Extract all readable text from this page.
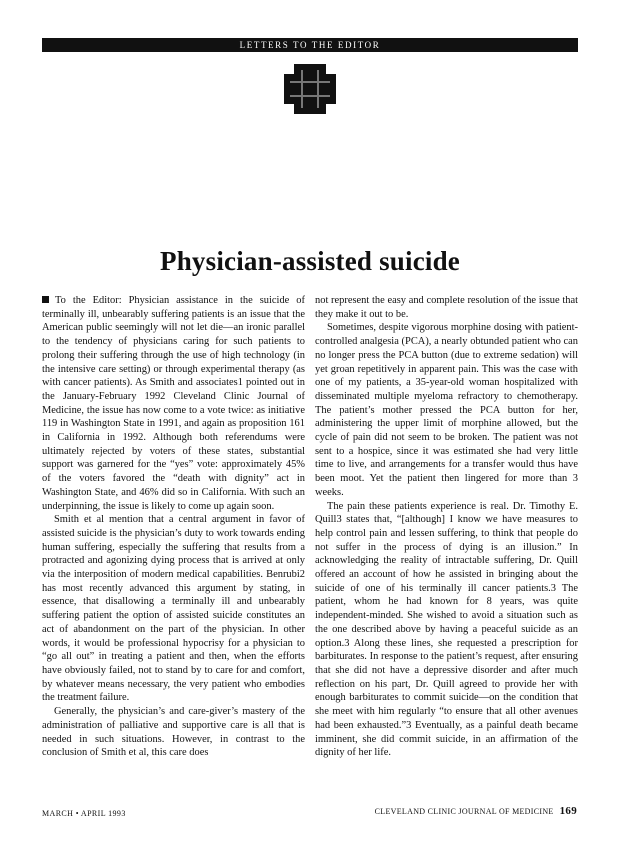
LETTERS TO THE EDITOR
Physician-assisted suicide

To the Editor: Physician assistance in the suicide of terminally ill, unbearably suffering patients is an issue that the American public seemingly will not let die—an ironic parallel to the tendency of physicians caring for such patients to prolong their suffering through the use of high technology (in the intensive care setting) or through experimental therapy (as with cancer patients). As Smith and associates1 pointed out in the January-February 1992 Cleveland Clinic Journal of Medicine, the issue has now come to a vote twice: as initiative 119 in Washington State in 1991, and again as proposition 161 in California in 1992. Although both referendums were ultimately rejected by voters of these states, substantial support was garnered for the “yes” vote: approximately 45% of the voters favored the “death with dignity” act in Washington State, and 46% did so in California. With such an underpinning, the issue is likely to come up again soon.

Smith et al mention that a central argument in favor of assisted suicide is the physician’s duty to work towards ending human suffering, especially the suffering that results from a protracted and agonizing dying process that is arrived at only via the interposition of modern medical capabilities. Benrubi2 has most recently advanced this argument by stating, in essence, that disallowing a terminally ill and unbearably suffering patient the option of assisted suicide constitutes an act of abandonment on the part of the physician. In other words, it would be professional hypocrisy for a physician to “go all out” in treating a patient and then, when the efforts have obviously failed, not to stand by to care for and comfort, by whatever means necessary, the very patient who embodies the treatment failure.

Generally, the physician’s and care-giver’s mastery of the administration of palliative and supportive care is all that is needed in such situations. However, in contrast to the conclusion of Smith et al, this care does

not represent the easy and complete resolution of the issue that they make it out to be.

Sometimes, despite vigorous morphine dosing with patient-controlled analgesia (PCA), a nearly obtunded patient who can no longer press the PCA button (due to extreme sedation) will yet groan repetitively in apparent pain. This was the case with one of my patients, a 35-year-old woman hospitalized with disseminated multiple myeloma refractory to chemotherapy. The patient’s mother pressed the PCA button for her, administering the upper limit of morphine allowed, but the cycle of pain did not seem to be broken. The patient was not sent to a hospice, since it was estimated she had very little time to live, and arrangements for a transfer would thus have been moot. Yet the patient then lingered for more than 3 weeks.

The pain these patients experience is real. Dr. Timothy E. Quill3 states that, “[although] I know we have measures to help control pain and lessen suffering, to think that people do not suffer in the process of dying is an illusion.” In acknowledging the reality of intractable suffering, Dr. Quill offered an account of how he assisted in bringing about the suicide of one of his terminally ill cancer patients.3 The patient, whom he had known for 8 years, was quite independent-minded. She wished to avoid a situation such as the one described above by having a peaceful suicide as an option.3 Along these lines, she requested a prescription for barbiturates. In response to the patient’s request, after ensuring that she did not have a depressive disorder and after much reflection on his part, Dr. Quill agreed to provide her with enough barbiturates to commit suicide—on the condition that she meet with him regularly “to ensure that all other avenues had been exhausted.”3 Eventually, as a painful death became imminent, she did commit suicide, in an affirmation of the dignity of her life.

MARCH • APRIL 1993	CLEVELAND CLINIC JOURNAL OF MEDICINE 169
